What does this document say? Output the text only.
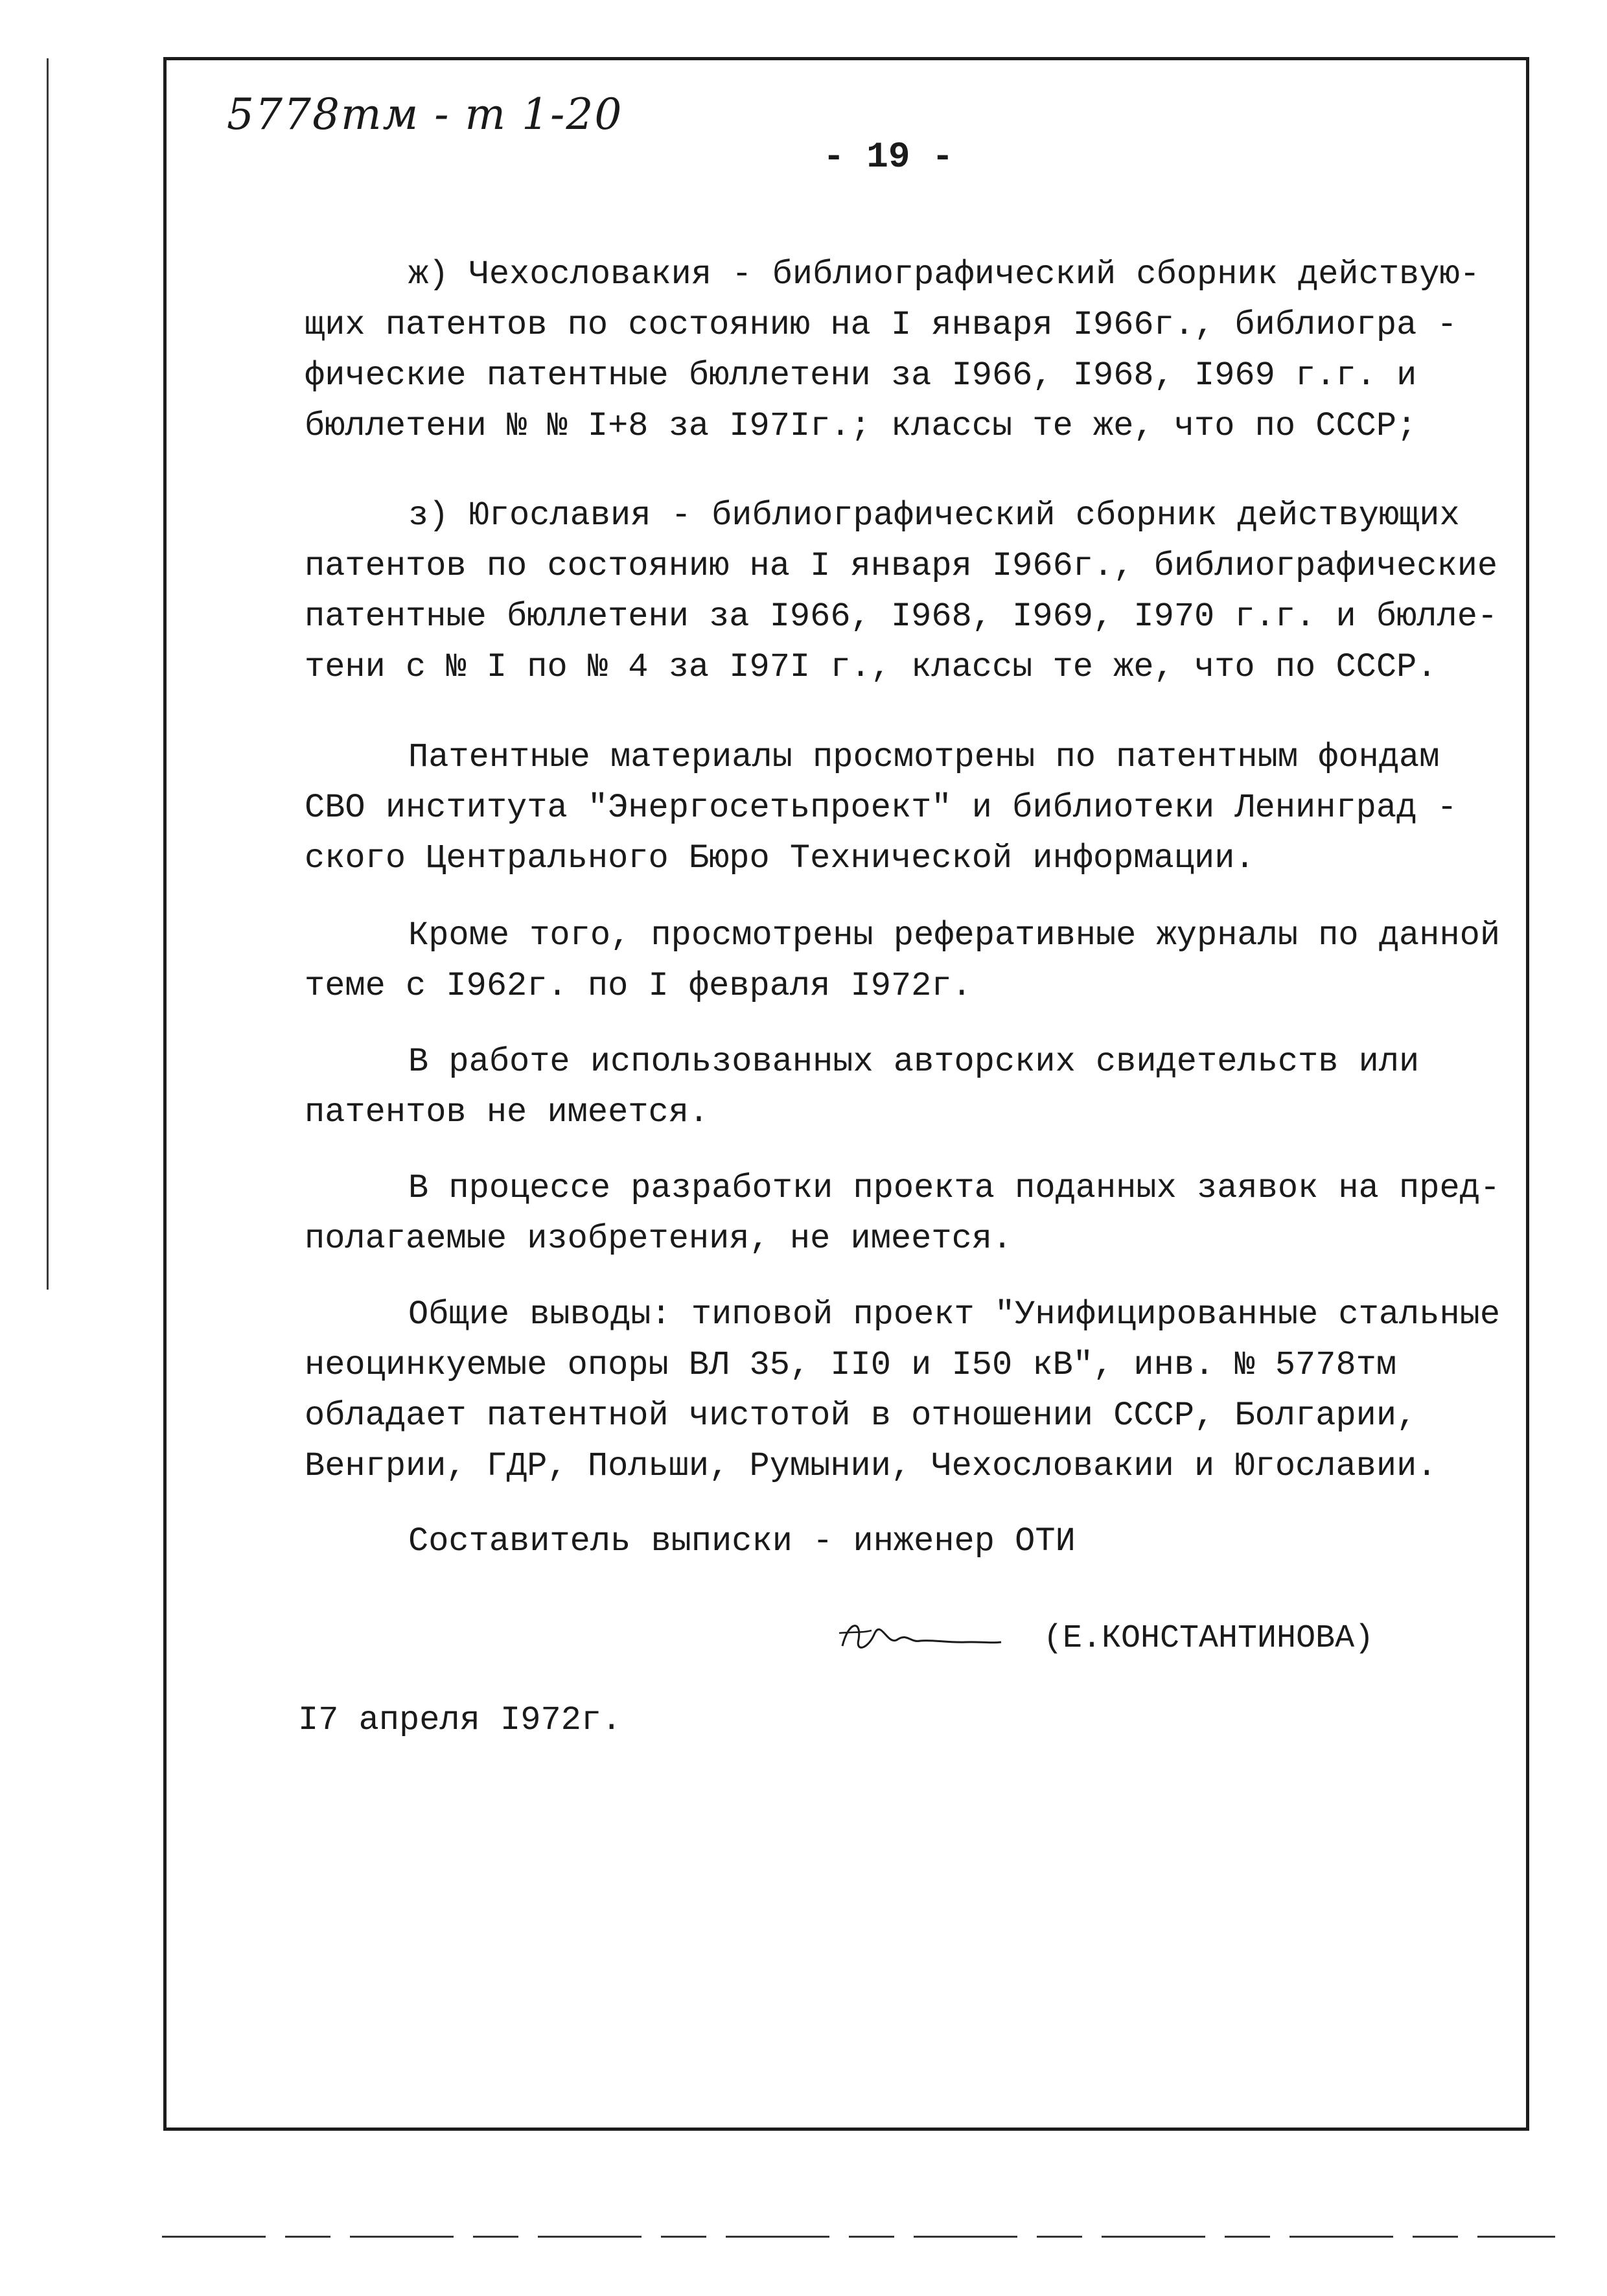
5778тм - т 1-20
- 19 -
ж) Чехословакия - библиографический сборник действую-
щих патентов по состоянию на I января I966г., библиогра -
фические патентные бюллетени за I966, I968, I969 г.г. и
бюллетени № № I+8 за I97Iг.; классы те же, что по СССР;
з) Югославия - библиографический сборник действующих
патентов по состоянию на I января I966г., библиографические
патентные бюллетени за I966, I968, I969, I970 г.г. и бюлле-
тени с № I по № 4 за I97I г., классы те же, что по СССР.
Патентные материалы просмотрены по патентным фондам
СВО института "Энергосетьпроект" и библиотеки Ленинград -
ского Центрального Бюро Технической информации.
Кроме того, просмотрены реферативные журналы по данной
теме с I962г. по I февраля I972г.
В работе использованных авторских свидетельств или
патентов не имеется.
В процессе разработки проекта поданных заявок на пред-
полагаемые изобретения, не имеется.
Общие выводы: типовой проект "Унифицированные стальные
неоцинкуемые опоры ВЛ 35, II0 и I50 кВ", инв. № 5778тм
обладает патентной чистотой в отношении СССР, Болгарии,
Венгрии, ГДР, Польши, Румынии, Чехословакии и Югославии.
Составитель выписки - инженер ОТИ
(Е.КОНСТАНТИНОВА)
I7 апреля I972г.
